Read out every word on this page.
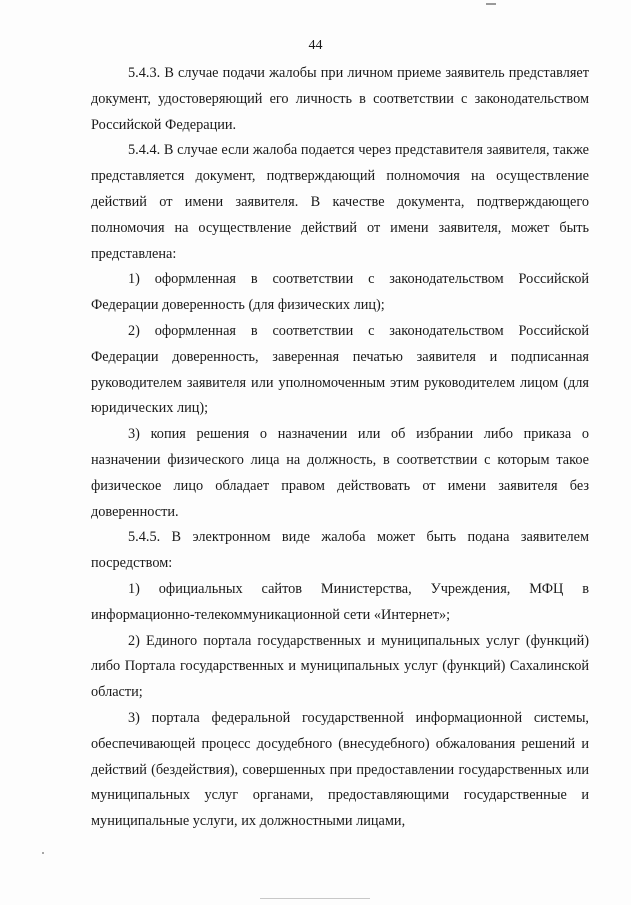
44

5.4.3. В случае подачи жалобы при личном приеме заявитель представляет документ, удостоверяющий его личность в соответствии с законодательством Российской Федерации.

5.4.4. В случае если жалоба подается через представителя заявителя, также представляется документ, подтверждающий полномочия на осуществление действий от имени заявителя. В качестве документа, подтверждающего полномочия на осуществление действий от имени заявителя, может быть представлена:

1) оформленная в соответствии с законодательством Российской Федерации доверенность (для физических лиц);

2) оформленная в соответствии с законодательством Российской Федерации доверенность, заверенная печатью заявителя и подписанная руководителем заявителя или уполномоченным этим руководителем лицом (для юридических лиц);

3) копия решения о назначении или об избрании либо приказа о назначении физического лица на должность, в соответствии с которым такое физическое лицо обладает правом действовать от имени заявителя без доверенности.

5.4.5. В электронном виде жалоба может быть подана заявителем посредством:

1) официальных сайтов Министерства, Учреждения, МФЦ в информационно-телекоммуникационной сети «Интернет»;

2) Единого портала государственных и муниципальных услуг (функций) либо Портала государственных и муниципальных услуг (функций) Сахалинской области;

3) портала федеральной государственной информационной системы, обеспечивающей процесс досудебного (внесудебного) обжалования решений и действий (бездействия), совершенных при предоставлении государственных или муниципальных услуг органами, предоставляющими государственные и муниципальные услуги, их должностными лицами,
